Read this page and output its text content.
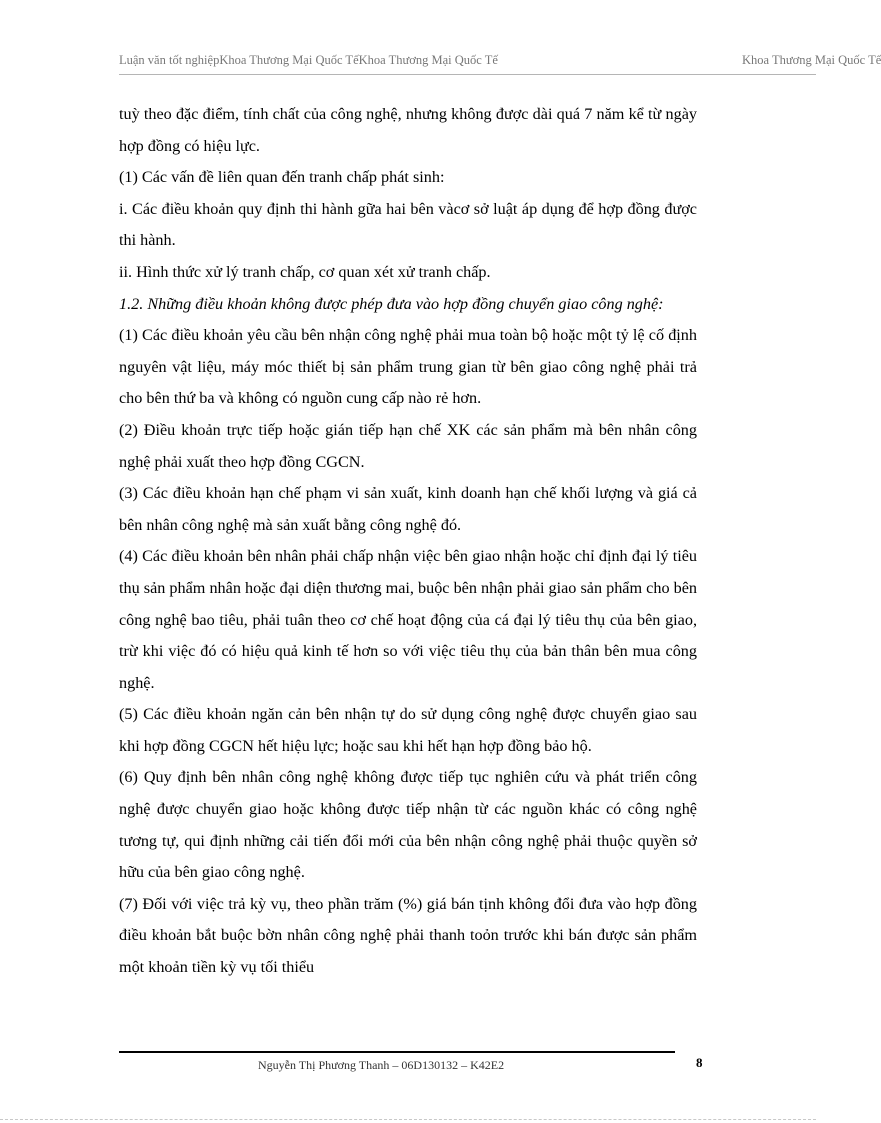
Luận văn tốt nghiệpKhoa Thương Mại Quốc TếKhoa Thương Mại Quốc Tế	Khoa Thương Mại Quốc Tế

tuỳ theo đặc điểm, tính chất của công nghệ, nhưng không được dài quá 7 năm kể từ ngày hợp đồng có hiệu lực.

(1) Các vấn đề liên quan đến tranh chấp phát sinh:

i. Các điều khoản quy định thi hành gữa hai bên vàcơ sở luật áp dụng để hợp đồng được thi hành.

ii. Hình thức xử lý tranh chấp, cơ quan xét xử tranh chấp.

1.2. Những điều khoản không được phép đưa vào hợp đồng chuyển giao công nghệ:

(1) Các điều khoản yêu cầu bên nhận công nghệ phải mua toàn bộ hoặc một tỷ lệ cố định nguyên vật liệu, máy móc thiết bị sản phẩm trung gian từ bên giao công nghệ phải trả cho bên thứ ba và không có nguồn cung cấp nào rẻ hơn.

(2) Điều khoản trực tiếp hoặc gián tiếp hạn chế XK các sản phẩm mà bên nhân công nghệ phải xuất theo hợp đồng CGCN.

(3) Các điều khoản hạn chế phạm vi sản xuất, kinh doanh hạn chế khối lượng và giá cả bên nhân công nghệ mà sản xuất bằng công nghệ đó.

(4) Các điều khoản bên nhân phải chấp nhận việc bên giao nhận hoặc chỉ định đại lý tiêu thụ sản phẩm nhân hoặc đại diện thương mai, buộc bên nhận phải giao sản phẩm cho bên công nghệ bao tiêu, phải tuân theo cơ chế hoạt động của cá đại lý tiêu thụ của bên giao, trừ khi việc đó có hiệu quả kinh tế hơn so với việc tiêu thụ của bản thân bên mua công nghệ.

(5) Các điều khoản ngăn cản bên nhận tự do sử dụng công nghệ được chuyển giao sau khi hợp đồng CGCN hết hiệu lực; hoặc sau khi hết hạn hợp đồng bảo hộ.

(6) Quy định bên nhân công nghệ không được tiếp tục nghiên cứu và phát triển công nghệ được chuyển giao hoặc không được tiếp nhận từ các nguồn khác có công nghệ tương tự, qui định những cải tiến đổi mới của bên nhận công nghệ phải thuộc quyền sở hữu của bên giao công nghệ.

(7) Đối với việc trả kỳ vụ, theo phần trăm (%) giá bán tịnh không đổi đưa vào hợp đồng điều khoản bắt buộc bờn nhân công nghệ phải thanh toỏn trước khi bán được sản phẩm một khoản tiền kỳ vụ tối thiểu

Nguyễn Thị Phương Thanh – 06D130132 – K42E2	8
